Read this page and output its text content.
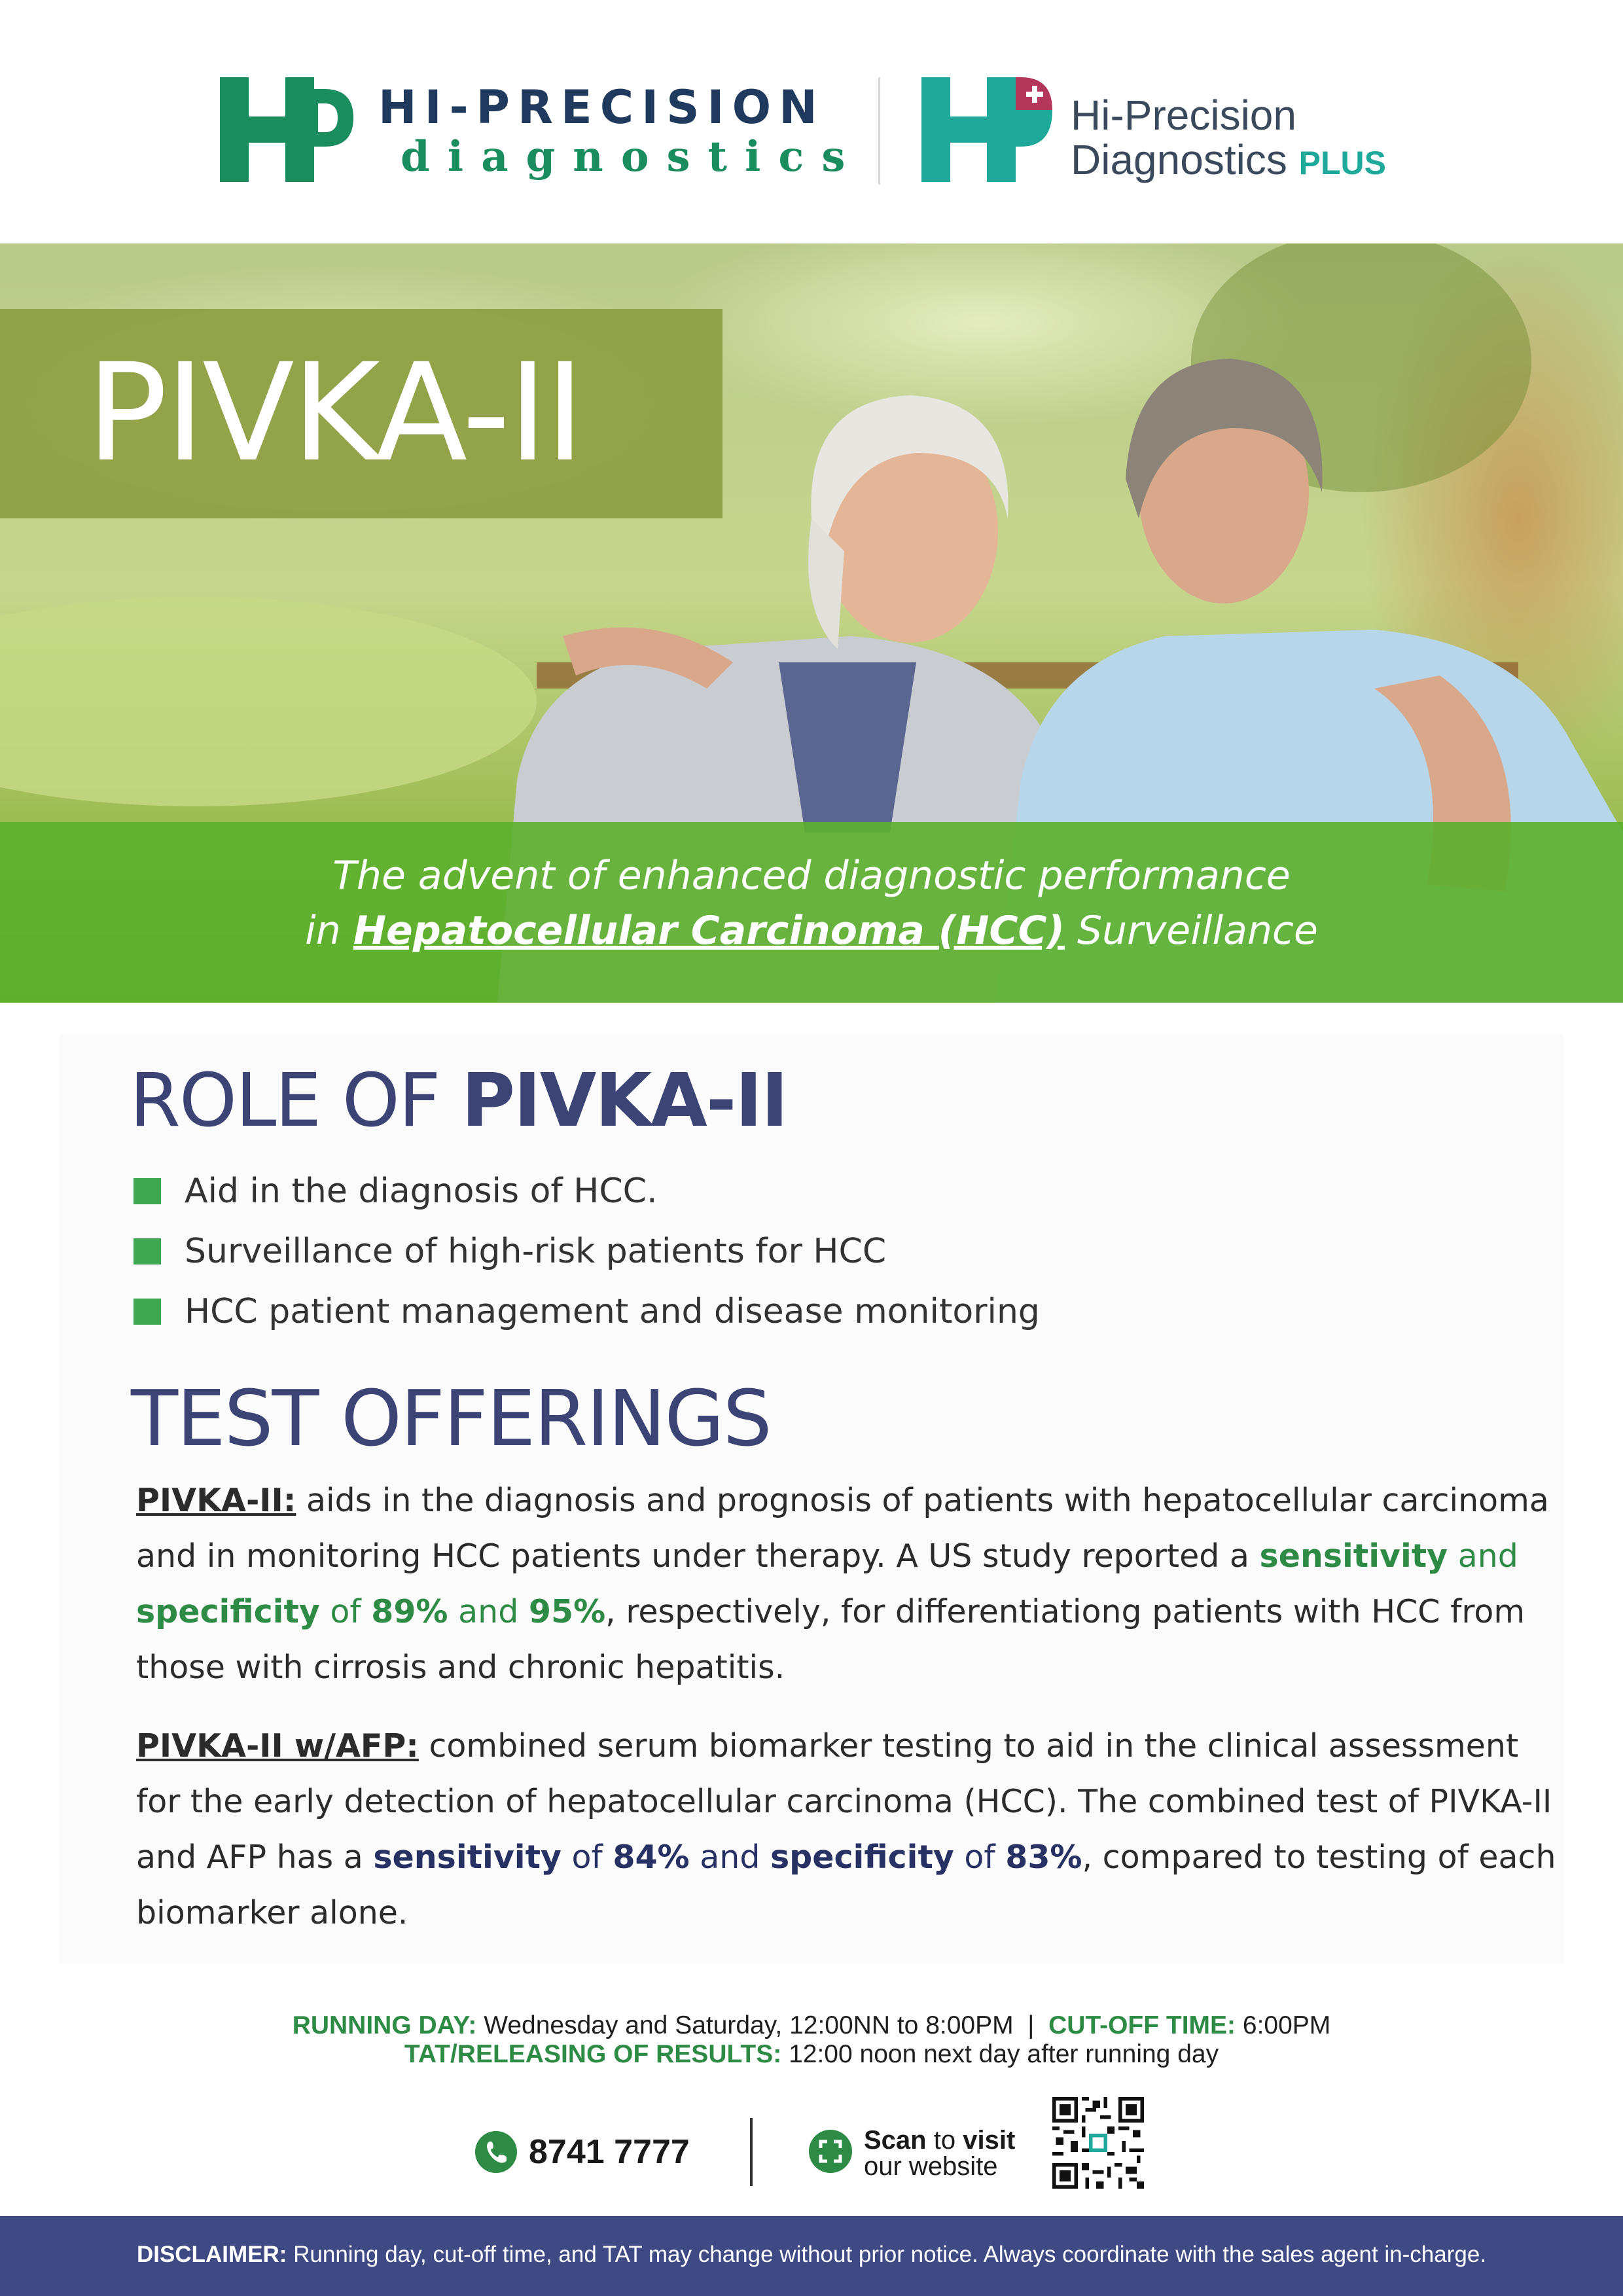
HI-PRECISION
diagnostics
Hi-Precision
Diagnostics PLUS
PIVKA-II
The advent of enhanced diagnostic performance
in Hepatocellular Carcinoma (HCC) Surveillance
ROLE OF PIVKA-II
Aid in the diagnosis of HCC.
Surveillance of high-risk patients for HCC
HCC patient management and disease monitoring
TEST OFFERINGS
PIVKA-II: aids in the diagnosis and prognosis of patients with hepatocellular carcinoma and in monitoring HCC patients under therapy. A US study reported a sensitivity and specificity of 89% and 95%, respectively, for differentiationg patients with HCC from those with cirrosis and chronic hepatitis.
PIVKA-II w/AFP: combined serum biomarker testing to aid in the clinical assessment for the early detection of hepatocellular carcinoma (HCC). The combined test of PIVKA-II and AFP has a sensitivity of 84% and specificity of 83%, compared to testing of each biomarker alone.
RUNNING DAY: Wednesday and Saturday, 12:00NN to 8:00PM | CUT-OFF TIME: 6:00PM
TAT/RELEASING OF RESULTS: 12:00 noon next day after running day
8741 7777	Scan to visit
our website
DISCLAIMER: Running day, cut-off time, and TAT may change without prior notice. Always coordinate with the sales agent in-charge.
